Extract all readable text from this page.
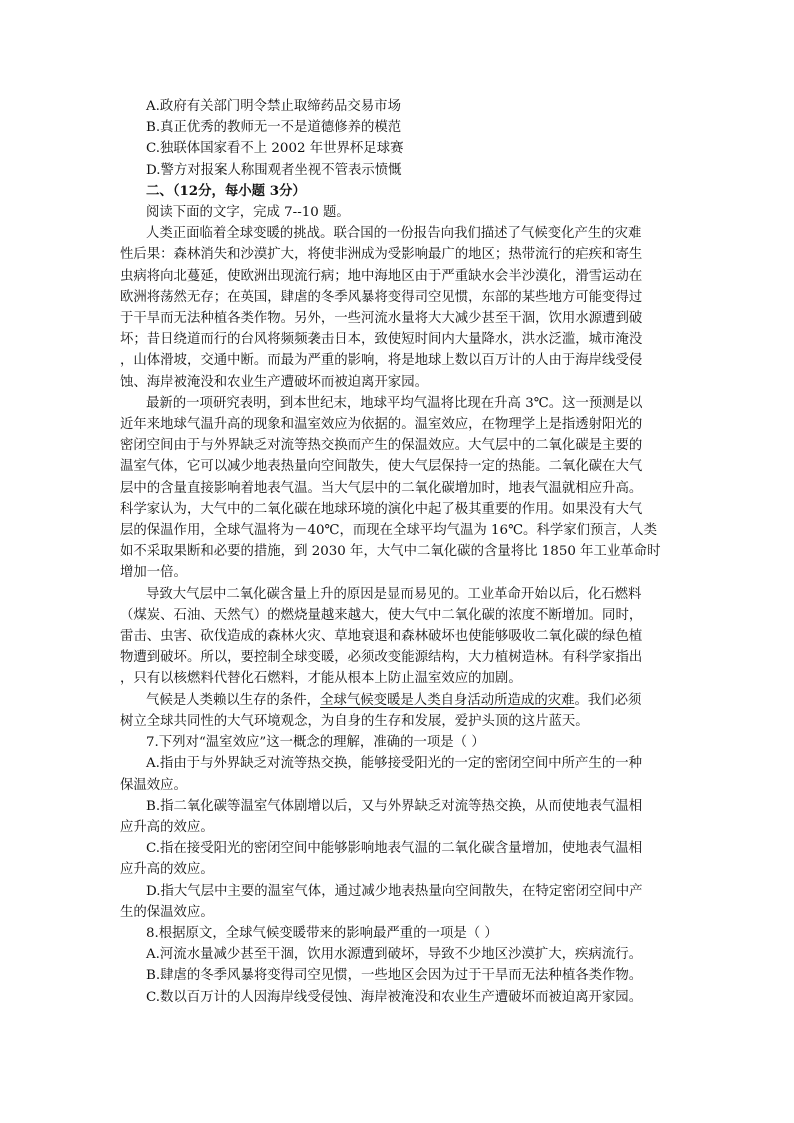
A.政府有关部门明令禁止取缔药品交易市场
B.真正优秀的教师无一不是道德修养的模范
C.独联体国家看不上 2002 年世界杯足球赛
D.警方对报案人称围观者坐视不管表示愤慨
二、（12分，每小题 3分）
阅读下面的文字，完成 7--10 题。
人类正面临着全球变暖的挑战。联合国的一份报告向我们描述了气候变化产生的灾难
性后果：森林消失和沙漠扩大，将使非洲成为受影响最广的地区；热带流行的疟疾和寄生
虫病将向北蔓延，使欧洲出现流行病；地中海地区由于严重缺水会半沙漠化，滑雪运动在
欧洲将荡然无存；在英国，肆虐的冬季风暴将变得司空见惯，东部的某些地方可能变得过
于干旱而无法种植各类作物。另外，一些河流水量将大大减少甚至干涸，饮用水源遭到破
坏；昔日绕道而行的台风将频频袭击日本，致使短时间内大量降水，洪水泛滥，城市淹没
，山体滑坡，交通中断。而最为严重的影响，将是地球上数以百万计的人由于海岸线受侵
蚀、海岸被淹没和农业生产遭破坏而被迫离开家园。
最新的一项研究表明，到本世纪末，地球平均气温将比现在升高 3℃。这一预测是以
近年来地球气温升高的现象和温室效应为依据的。温室效应，在物理学上是指透射阳光的
密闭空间由于与外界缺乏对流等热交换而产生的保温效应。大气层中的二氧化碳是主要的
温室气体，它可以减少地表热量向空间散失，使大气层保持一定的热能。二氧化碳在大气
层中的含量直接影响着地表气温。当大气层中的二氧化碳增加时，地表气温就相应升高。
科学家认为，大气中的二氧化碳在地球环境的演化中起了极其重要的作用。如果没有大气
层的保温作用，全球气温将为－40℃，而现在全球平均气温为 16℃。科学家们预言，人类
如不采取果断和必要的措施，到 2030 年，大气中二氧化碳的含量将比 1850 年工业革命时
增加一倍。
导致大气层中二氧化碳含量上升的原因是显而易见的。工业革命开始以后，化石燃料
（煤炭、石油、天然气）的燃烧量越来越大，使大气中二氧化碳的浓度不断增加。同时，
雷击、虫害、砍伐造成的森林火灾、草地衰退和森林破坏也使能够吸收二氧化碳的绿色植
物遭到破坏。所以，要控制全球变暖，必须改变能源结构，大力植树造林。有科学家指出
，只有以核燃料代替化石燃料，才能从根本上防止温室效应的加剧。
气候是人类赖以生存的条件，全球气候变暖是人类自身活动所造成的灾难。我们必须
树立全球共同性的大气环境观念，为自身的生存和发展，爱护头顶的这片蓝天。
7.下列对“温室效应”这一概念的理解，准确的一项是（ ）
A.指由于与外界缺乏对流等热交换，能够接受阳光的一定的密闭空间中所产生的一种
保温效应。
B.指二氧化碳等温室气体剧增以后，又与外界缺乏对流等热交换，从而使地表气温相
应升高的效应。
C.指在接受阳光的密闭空间中能够影响地表气温的二氧化碳含量增加，使地表气温相
应升高的效应。
D.指大气层中主要的温室气体，通过减少地表热量向空间散失，在特定密闭空间中产
生的保温效应。
8.根据原文，全球气候变暖带来的影响最严重的一项是（ ）
A.河流水量减少甚至干涸，饮用水源遭到破坏，导致不少地区沙漠扩大，疾病流行。
B.肆虐的冬季风暴将变得司空见惯，一些地区会因为过于干旱而无法种植各类作物。
C.数以百万计的人因海岸线受侵蚀、海岸被淹没和农业生产遭破坏而被迫离开家园。
